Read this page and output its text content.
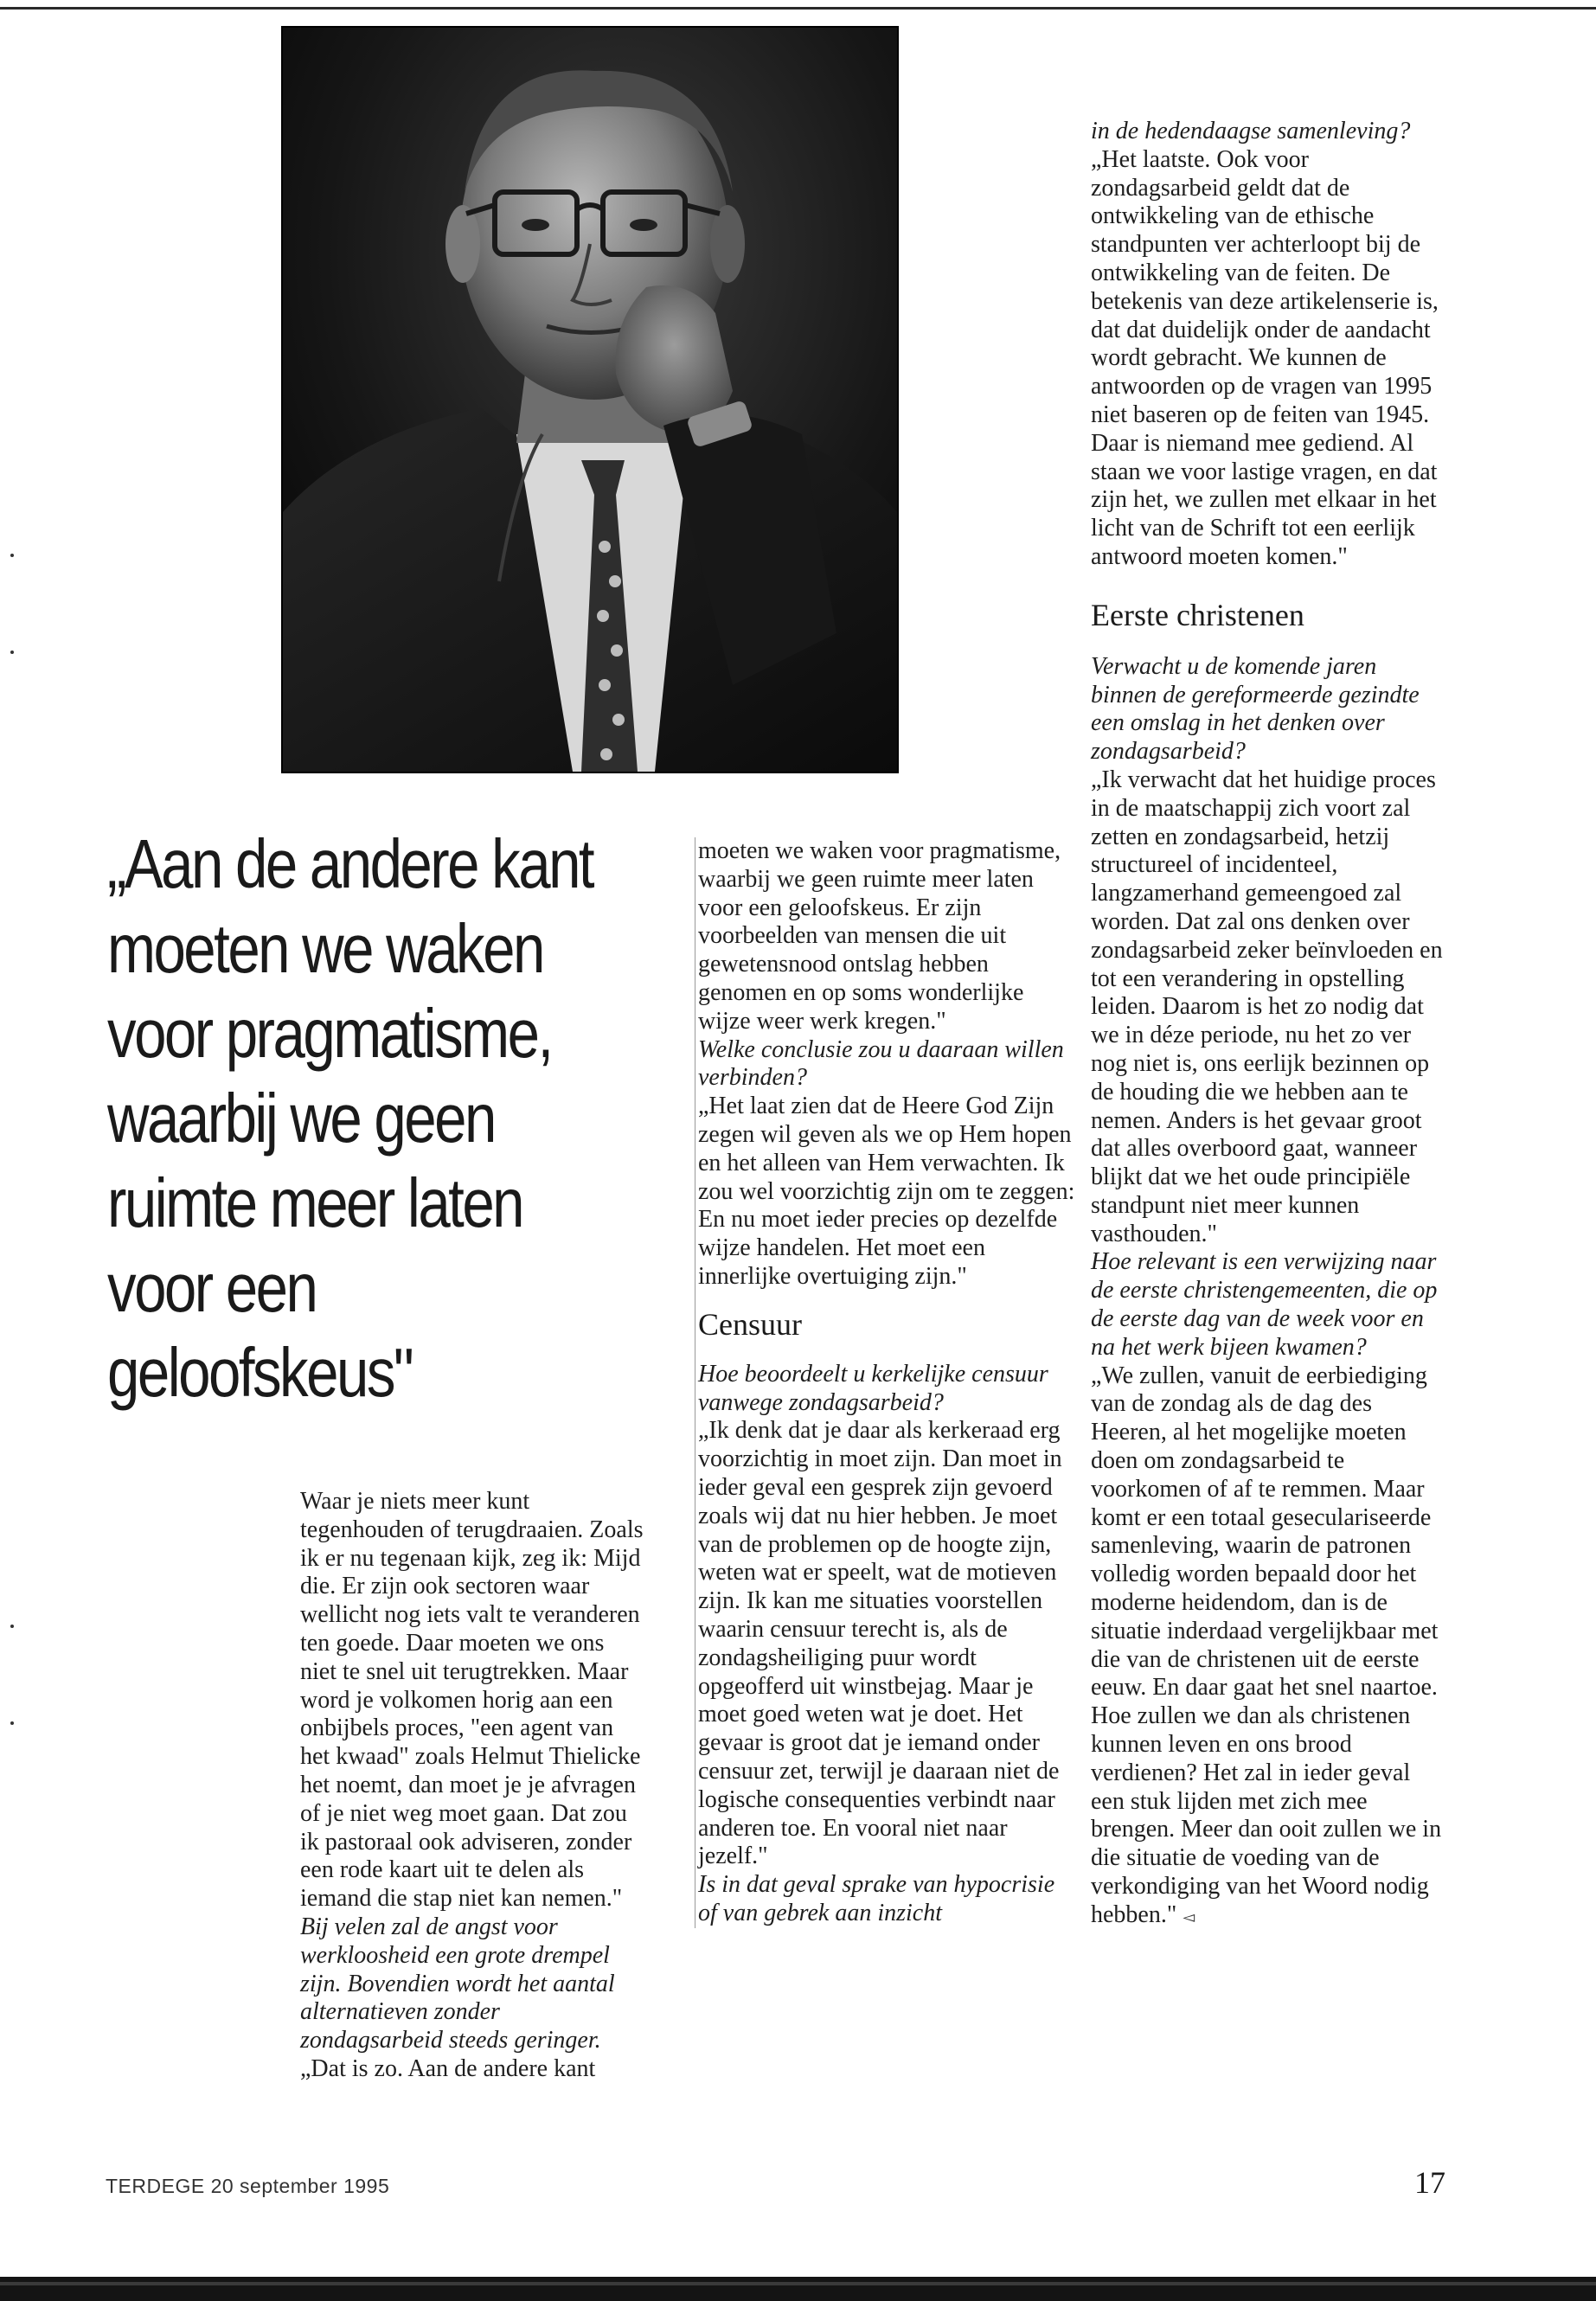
„Aan de andere kant
moeten we waken
voor pragmatisme,
waarbij we geen
ruimte meer laten
voor een
geloofskeus"

Waar je niets meer kunt tegenhouden of terugdraaien. Zoals ik er nu tegenaan kijk, zeg ik: Mijd die. Er zijn ook sectoren waar wellicht nog iets valt te veranderen ten goede. Daar moeten we ons niet te snel uit terugtrekken. Maar word je volkomen horig aan een onbijbels proces, "een agent van het kwaad" zoals Helmut Thielicke het noemt, dan moet je je afvragen of je niet weg moet gaan. Dat zou ik pastoraal ook adviseren, zonder een rode kaart uit te delen als iemand die stap niet kan nemen."

Bij velen zal de angst voor werkloosheid een grote drempel zijn. Bovendien wordt het aantal alternatieven zonder zondagsarbeid steeds geringer.

„Dat is zo. Aan de andere kant

moeten we waken voor pragmatisme, waarbij we geen ruimte meer laten voor een geloofskeus. Er zijn voorbeelden van mensen die uit gewetensnood ontslag hebben genomen en op soms wonderlijke wijze weer werk kregen."

Welke conclusie zou u daaraan willen verbinden?

„Het laat zien dat de Heere God Zijn zegen wil geven als we op Hem hopen en het alleen van Hem verwachten. Ik zou wel voorzichtig zijn om te zeggen: En nu moet ieder precies op dezelfde wijze handelen. Het moet een innerlijke overtuiging zijn."

Censuur

Hoe beoordeelt u kerkelijke censuur vanwege zondagsarbeid?

„Ik denk dat je daar als kerkeraad erg voorzichtig in moet zijn. Dan moet in ieder geval een gesprek zijn gevoerd zoals wij dat nu hier hebben. Je moet van de problemen op de hoogte zijn, weten wat er speelt, wat de motieven zijn. Ik kan me situaties voorstellen waarin censuur terecht is, als de zondagsheiliging puur wordt opgeofferd uit winstbejag. Maar je moet goed weten wat je doet. Het gevaar is groot dat je iemand onder censuur zet, terwijl je daaraan niet de logische consequenties verbindt naar anderen toe. En vooral niet naar jezelf."

Is in dat geval sprake van hypocrisie of van gebrek aan inzicht

in de hedendaagse samenleving?

„Het laatste. Ook voor zondagsarbeid geldt dat de ontwikkeling van de ethische standpunten ver achterloopt bij de ontwikkeling van de feiten. De betekenis van deze artikelenserie is, dat dat duidelijk onder de aandacht wordt gebracht. We kunnen de antwoorden op de vragen van 1995 niet baseren op de feiten van 1945. Daar is niemand mee gediend. Al staan we voor lastige vragen, en dat zijn het, we zullen met elkaar in het licht van de Schrift tot een eerlijk antwoord moeten komen."

Eerste christenen

Verwacht u de komende jaren binnen de gereformeerde gezindte een omslag in het denken over zondagsarbeid?

„Ik verwacht dat het huidige proces in de maatschappij zich voort zal zetten en zondagsarbeid, hetzij structureel of incidenteel, langzamerhand gemeengoed zal worden. Dat zal ons denken over zondagsarbeid zeker beïnvloeden en tot een verandering in opstelling leiden. Daarom is het zo nodig dat we in déze periode, nu het zo ver nog niet is, ons eerlijk bezinnen op de houding die we hebben aan te nemen. Anders is het gevaar groot dat alles overboord gaat, wanneer blijkt dat we het oude principiële standpunt niet meer kunnen vasthouden."

Hoe relevant is een verwijzing naar de eerste christengemeenten, die op de eerste dag van de week voor en na het werk bijeen kwamen?

„We zullen, vanuit de eerbiediging van de zondag als de dag des Heeren, al het mogelijke moeten doen om zondagsarbeid te voorkomen of af te remmen. Maar komt er een totaal geseculariseerde samenleving, waarin de patronen volledig worden bepaald door het moderne heidendom, dan is de situatie inderdaad vergelijkbaar met die van de christenen uit de eerste eeuw. En daar gaat het snel naartoe. Hoe zullen we dan als christenen kunnen leven en ons brood verdienen? Het zal in ieder geval een stuk lijden met zich mee brengen. Meer dan ooit zullen we in die situatie de voeding van de verkondiging van het Woord nodig hebben." ◅

TERDEGE 20 september 1995	17
